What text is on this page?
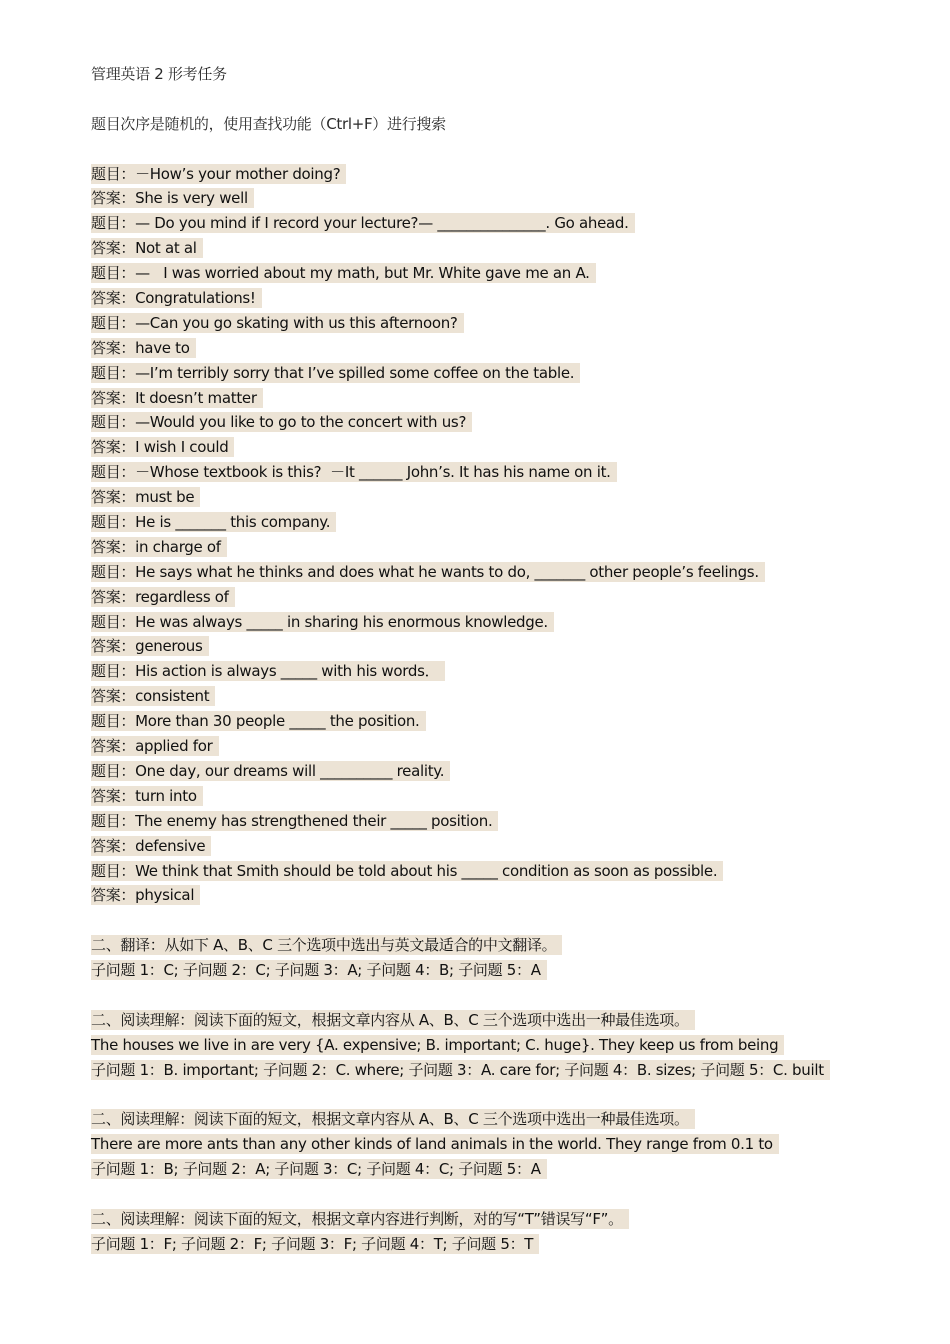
管理英语 2 形考任务
题目次序是随机的，使用查找功能（Ctrl+F）进行搜索
题目：－How’s your mother doing?
答案：She is very well
题目：— Do you mind if I record your lecture?— _______________. Go ahead.
答案：Not at al
题目：—   I was worried about my math, but Mr. White gave me an A.
答案：Congratulations!
题目：—Can you go skating with us this afternoon?
答案：have to
题目：—I’m terribly sorry that I’ve spilled some coffee on the table.
答案：It doesn’t matter
题目：—Would you like to go to the concert with us?
答案：I wish I could
题目：－Whose textbook is this?  －It ______ John’s. It has his name on it.
答案：must be
题目：He is _______ this company.
答案：in charge of
题目：He says what he thinks and does what he wants to do, _______ other people’s feelings.
答案：regardless of
题目：He was always _____ in sharing his enormous knowledge.
答案：generous
题目：His action is always _____ with his words．
答案：consistent
题目：More than 30 people _____ the position.
答案：applied for
题目：One day, our dreams will __________ reality.
答案：turn into
题目：The enemy has strengthened their _____ position.
答案：defensive
题目：We think that Smith should be told about his _____ condition as soon as possible.
答案：physical
二、翻译：从如下 A、B、C 三个选项中选出与英文最适合的中文翻译。
子问题 1：C; 子问题 2：C; 子问题 3：A; 子问题 4：B; 子问题 5：A
二、阅读理解：阅读下面的短文，根据文章内容从 A、B、C 三个选项中选出一种最佳选项。
The houses we live in are very {A. expensive; B. important; C. huge}. They keep us from being
子问题 1：B. important; 子问题 2：C. where; 子问题 3：A. care for; 子问题 4：B. sizes; 子问题 5：C. built
二、阅读理解：阅读下面的短文，根据文章内容从 A、B、C 三个选项中选出一种最佳选项。
There are more ants than any other kinds of land animals in the world. They range from 0.1 to
子问题 1：B; 子问题 2：A; 子问题 3：C; 子问题 4：C; 子问题 5：A
二、阅读理解：阅读下面的短文，根据文章内容进行判断，对的写“T”错误写“F”。
子问题 1：F; 子问题 2：F; 子问题 3：F; 子问题 4：T; 子问题 5：T
